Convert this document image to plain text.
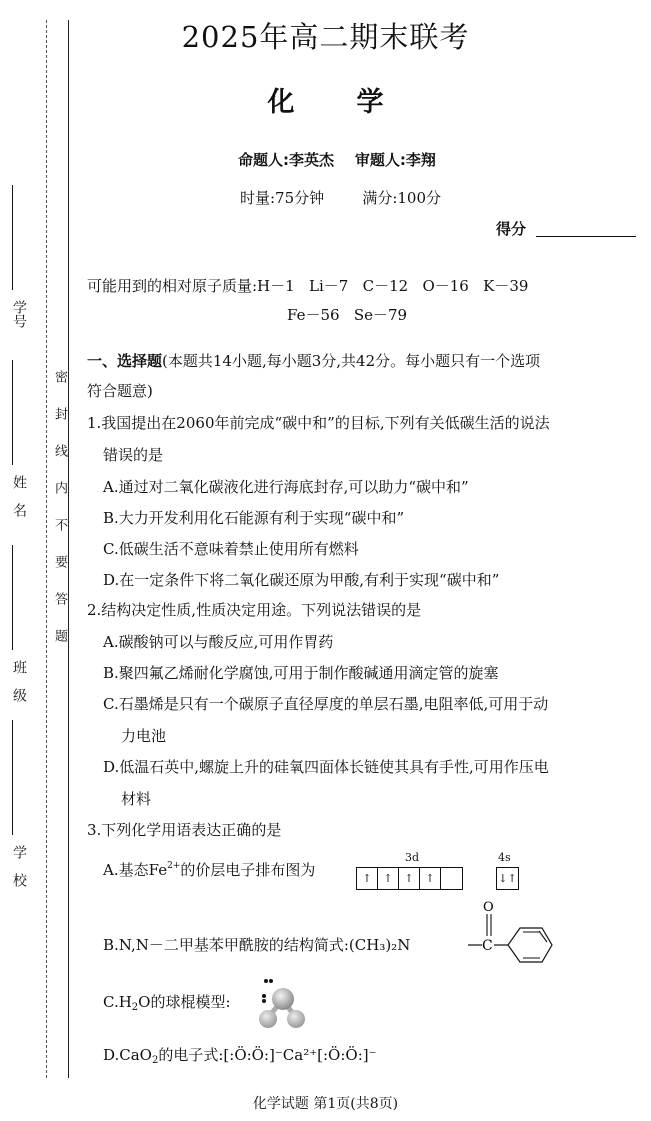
学号
姓名
班级
学校
密封线内不要答题
2025年高二期末联考
化学
命题人:李英杰 审题人:李翔
时量:75分钟	满分:100分
得分
可能用到的相对原子质量:H－1   Li－7   C－12   O－16   K－39
Fe－56   Se－79
一、选择题(本题共14小题,每小题3分,共42分。每小题只有一个选项
符合题意)
1.我国提出在2060年前完成“碳中和”的目标,下列有关低碳生活的说法
错误的是
A.通过对二氧化碳液化进行海底封存,可以助力“碳中和”
B.大力开发利用化石能源有利于实现“碳中和”
C.低碳生活不意味着禁止使用所有燃料
D.在一定条件下将二氧化碳还原为甲酸,有利于实现“碳中和”
2.结构决定性质,性质决定用途。下列说法错误的是
A.碳酸钠可以与酸反应,可用作胃药
B.聚四氟乙烯耐化学腐蚀,可用于制作酸碱通用滴定管的旋塞
C.石墨烯是只有一个碳原子直径厚度的单层石墨,电阻率低,可用于动
力电池
D.低温石英中,螺旋上升的硅氧四面体长链使其具有手性,可用作压电
材料
3.下列化学用语表达正确的是
A.基态$Fe^{2+}$的价层电子排布图为
3d	4s
↑	↑	↑	↑	↓↑
B.N,N－二甲基苯甲酰胺的结构简式:(CH₃)₂N	C
O
$C.H_2O$的球棍模型:
D.CaO$_2$的电子式:[:Ö:Ö:]⁻Ca²⁺[:Ö:Ö:]⁻
化学试题 第1页(共8页)
